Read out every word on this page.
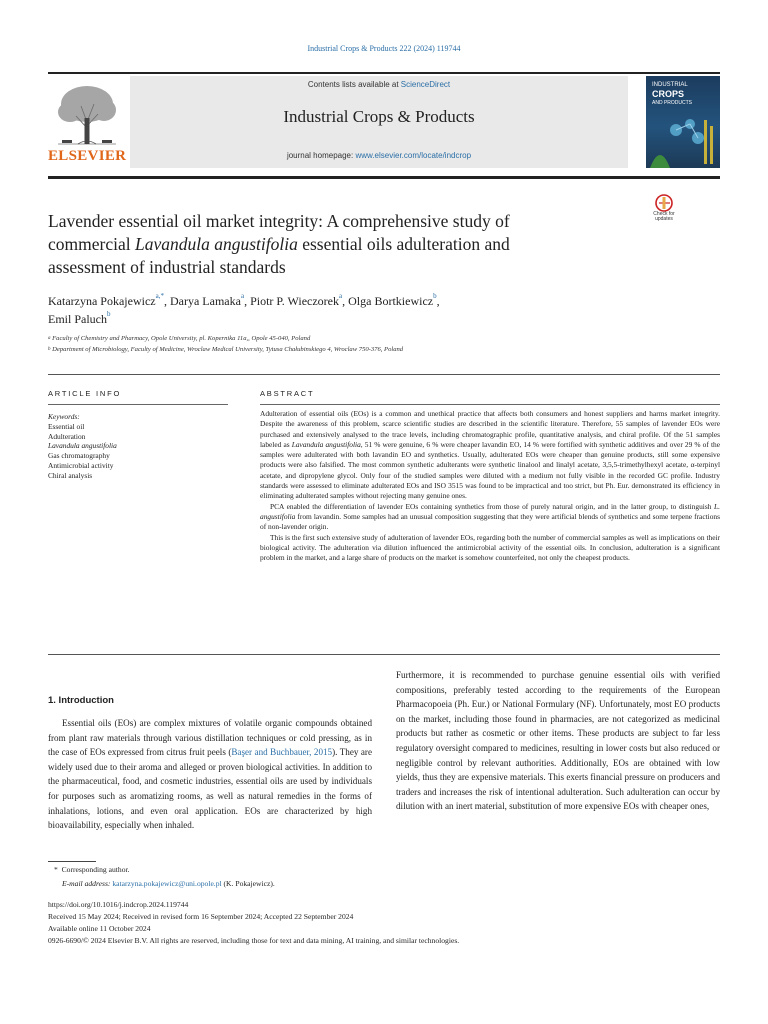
Industrial Crops & Products 222 (2024) 119744
ELSEVIER
Contents lists available at ScienceDirect
Industrial Crops & Products
journal homepage: www.elsevier.com/locate/indcrop
INDUSTRIAL
CROPS
AND PRODUCTS
Check for updates
Lavender essential oil market integrity: A comprehensive study of
commercial Lavandula angustifolia essential oils adulteration and
assessment of industrial standards
Katarzyna Pokajewicz$^{a,*}$, Darya Lamaka$^a$, Piotr P. Wieczorek$^a$, Olga Bortkiewicz$^b$,
Emil Paluch$^b$
$^a$ Faculty of Chemistry and Pharmacy, Opole University, pl. Kopernika 11a,, Opole 45-040, Poland
$^b$ Department of Microbiology, Faculty of Medicine, Wroclaw Medical University, Tytusa Chałubinskiego 4, Wroclaw 750-376, Poland
ARTICLE INFO	ABSTRACT
Keywords:
Essential oil
Adulteration
Lavandula angustifolia
Gas chromatography
Antimicrobial activity
Chiral analysis

Adulteration of essential oils (EOs) is a common and unethical practice that affects both consumers and honest suppliers and harms market integrity. Despite the awareness of this problem, scarce scientific studies are described in the scientific literature. Therefore, 55 samples of lavender EOs were purchased and extensively analysed to the trace levels, including chromatographic profile, quantitative analysis, and chiral profile. Of the 51 samples labeled as Lavandula angustifolia, 51 % were genuine, 6 % were cheaper lavandin EO, 14 % were fortified with synthetic additives and over 29 % of the samples were adulterated with both lavandin EO and synthetics. Usually, adulterated EOs were cheaper than genuine products, still some expensive products were also falsified. The most common synthetic adulterants were synthetic linalool and linalyl acetate, 3,5,5-trimethylhexyl acetate, α-terpinyl acetate, and dipropylene glycol. Only four of the studied samples were diluted with a medium not fully visible in the recorded GC profile. Industry standards were assessed to eliminate adulterated EOs and ISO 3515 was found to be impractical and too strict, but Ph. Eur. demonstrated its efficiency in eliminating adulterated samples without rejecting many genuine ones.

PCA enabled the differentiation of lavender EOs containing synthetics from those of purely natural origin, and in the latter group, to distinguish L. angustifolia from lavandin. Some samples had an unusual composition suggesting that they were artificial blends of synthetics and some terpene fractions of non-lavender origin.

This is the first such extensive study of adulteration of lavender EOs, regarding both the number of commercial samples as well as implications on their biological activity. The adulteration via dilution influenced the antimicrobial activity of the essential oils. In conclusion, adulteration is a significant problem in the market, and a large share of products on the market is somehow counterfeited, not only the cheapest products.

1. Introduction

Essential oils (EOs) are complex mixtures of volatile organic compounds obtained from plant raw materials through various distillation techniques or cold pressing, as in the case of EOs expressed from citrus fruit peels (Başer and Buchbauer, 2015). They are widely used due to their aroma and alleged or proven biological activities. In addition to the pharmaceutical, food, and cosmetic industries, essential oils are used by individuals for purposes such as aromatizing rooms, as well as natural remedies in the forms of inhalations, lotions, and even oral application. EOs are characterized by high bioavailability, especially when inhaled.

Furthermore, it is recommended to purchase genuine essential oils with verified compositions, preferably tested according to the requirements of the European Pharmacopoeia (Ph. Eur.) or National Formulary (NF). Unfortunately, most EO products on the market, including those found in pharmacies, are not categorized as medicinal products but rather as cosmetic or other items. These products are subject to far less regulatory oversight compared to medicines, resulting in lower costs but also reduced or negligible control by relevant authorities. Additionally, EOs are obtained with low yields, thus they are expensive materials. This exerts financial pressure on producers and traders and increases the risk of intentional adulteration. Such adulteration can occur by dilution with an inert material, substitution of more expensive EOs with cheaper ones,

* Corresponding author.
E-mail address: katarzyna.pokajewicz@uni.opole.pl (K. Pokajewicz).
https://doi.org/10.1016/j.indcrop.2024.119744
Received 15 May 2024; Received in revised form 16 September 2024; Accepted 22 September 2024
Available online 11 October 2024
0926-6690/© 2024 Elsevier B.V. All rights are reserved, including those for text and data mining, AI training, and similar technologies.
